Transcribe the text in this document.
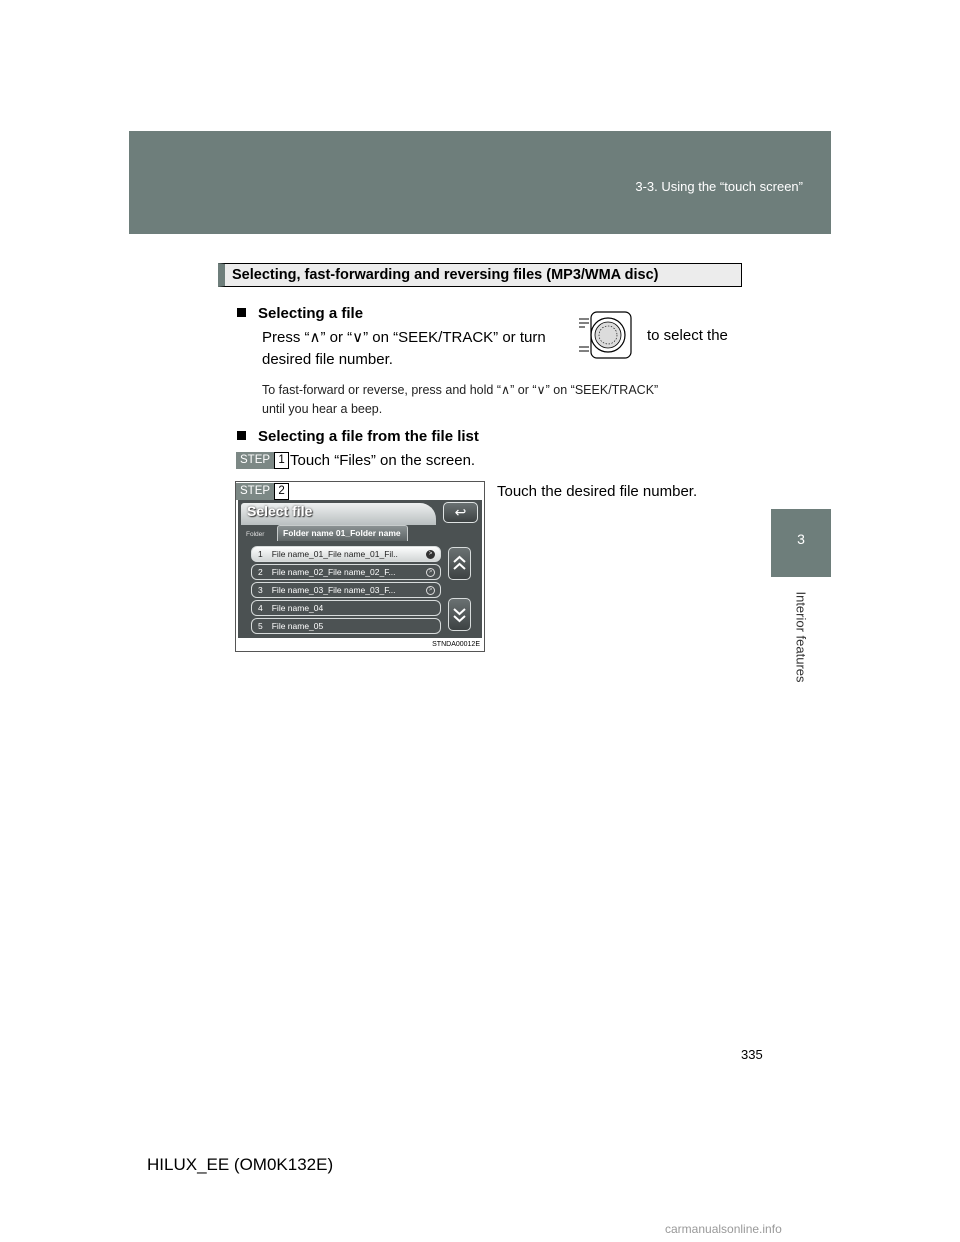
3-3. Using the “touch screen”
3
Interior features
Selecting, fast-forwarding and reversing files (MP3/WMA disc)
Selecting a file
Press “∧” or “∨” on “SEEK/TRACK” or turn	to select the
desired file number.
To fast-forward or reverse, press and hold “∧” or “∨” on “SEEK/TRACK”
until you hear a beep.
Selecting a file from the file list
STEP 1 Touch “Files” on the screen.
Select file	↩
Folder Folder name 01_Folder name
1 File name_01_File name_01_Fil..	>
2 File name_02_File name_02_F...	>
3 File name_03_File name_03_F...	>
4 File name_04
5 File name_05
STNDA00012E
STEP 2	Touch the desired file number.
335
HILUX_EE (OM0K132E)
carmanualsonline.info
